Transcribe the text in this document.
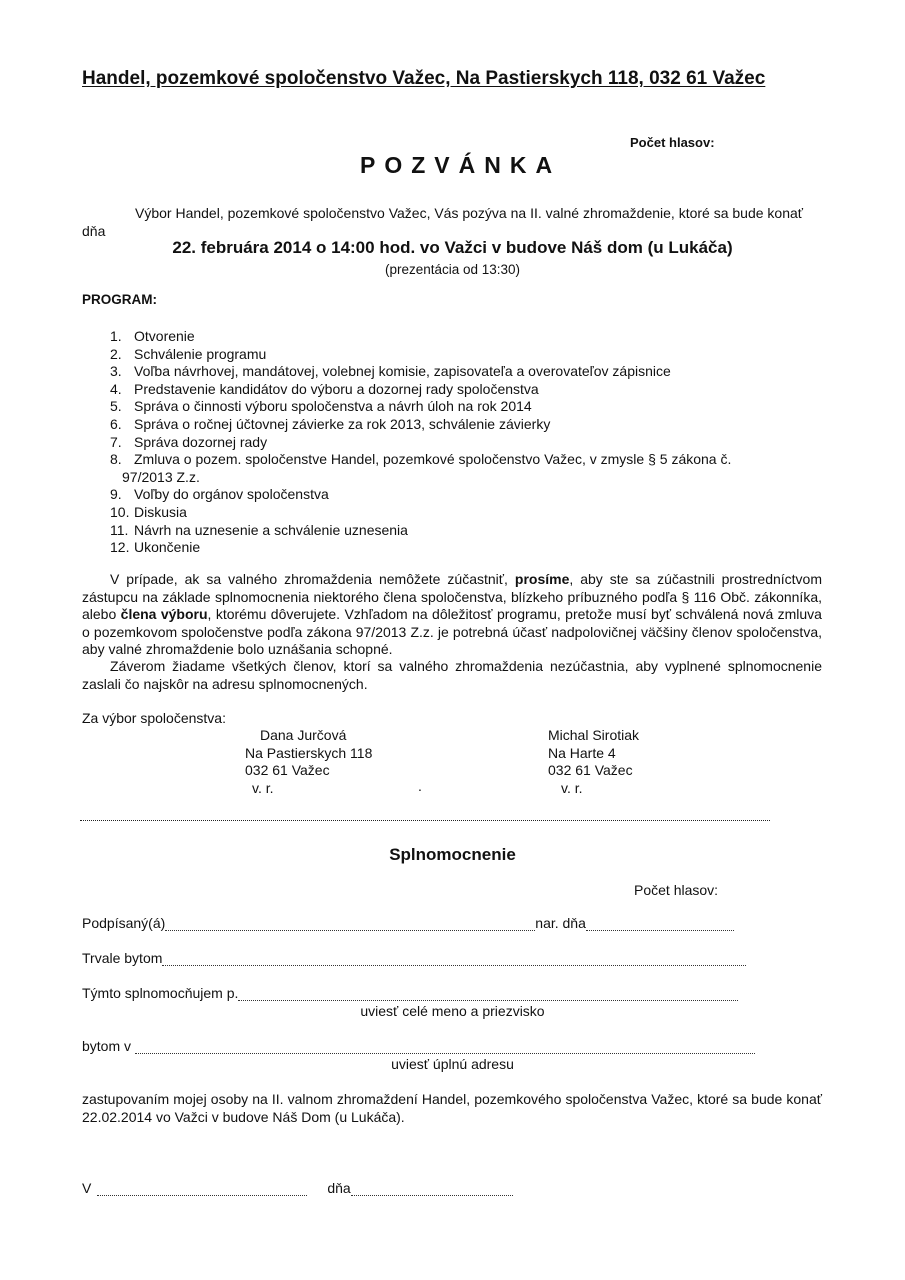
Handel, pozemkové spoločenstvo Važec, Na Pastierskych 118, 032 61 Važec
Počet hlasov:
POZVÁNKA
Výbor Handel, pozemkové spoločenstvo Važec, Vás pozýva na II. valné zhromaždenie, ktoré sa bude konať dňa
22. februára 2014 o 14:00 hod. vo Važci v budove Náš dom (u Lukáča)
(prezentácia od 13:30)
PROGRAM:
1. Otvorenie
2. Schválenie programu
3. Voľba návrhovej, mandátovej, volebnej komisie, zapisovateľa a overovateľov zápisnice
4. Predstavenie kandidátov do výboru a dozornej rady spoločenstva
5. Správa o činnosti výboru spoločenstva a návrh úloh na rok 2014
6. Správa o ročnej účtovnej závierke za rok 2013, schválenie závierky
7. Správa dozornej rady
8. Zmluva o pozem. spoločenstve Handel, pozemkové spoločenstvo Važec, v zmysle § 5 zákona č.
97/2013 Z.z.
9. Voľby do orgánov spoločenstva
10. Diskusia
11. Návrh na uznesenie a schválenie uznesenia
12. Ukončenie
V prípade, ak sa valného zhromaždenia nemôžete zúčastniť, prosíme, aby ste sa zúčastnili prostredníctvom zástupcu na základe splnomocnenia niektorého člena spoločenstva, blízkeho príbuzného podľa § 116 Obč. zákonníka, alebo člena výboru, ktorému dôverujete. Vzhľadom na dôležitosť programu, pretože musí byť schválená nová zmluva o pozemkovom spoločenstve podľa zákona 97/2013 Z.z. je potrebná účasť nadpolovičnej väčšiny členov spoločenstva, aby valné zhromaždenie bolo uznášania schopné.
Záverom žiadame všetkých členov, ktorí sa valného zhromaždenia nezúčastnia, aby vyplnené splnomocnenie zaslali čo najskôr na adresu splnomocnených.
Za výbor spoločenstva:
Dana Jurčová
Na Pastierskych 118
032 61 Važec
v. r.
Michal Sirotiak
Na Harte 4
032 61 Važec
v. r.
.
Splnomocnenie
Počet hlasov:
Podpísaný(á)	nar. dňa
Trvale bytom
Týmto splnomocňujem p.
uviesť celé meno a priezvisko
bytom v
uviesť úplnú adresu
zastupovaním mojej osoby na II. valnom zhromaždení Handel, pozemkového spoločenstva Važec, ktoré sa bude konať 22.02.2014 vo Važci v budove Náš Dom (u Lukáča).
V	dňa
